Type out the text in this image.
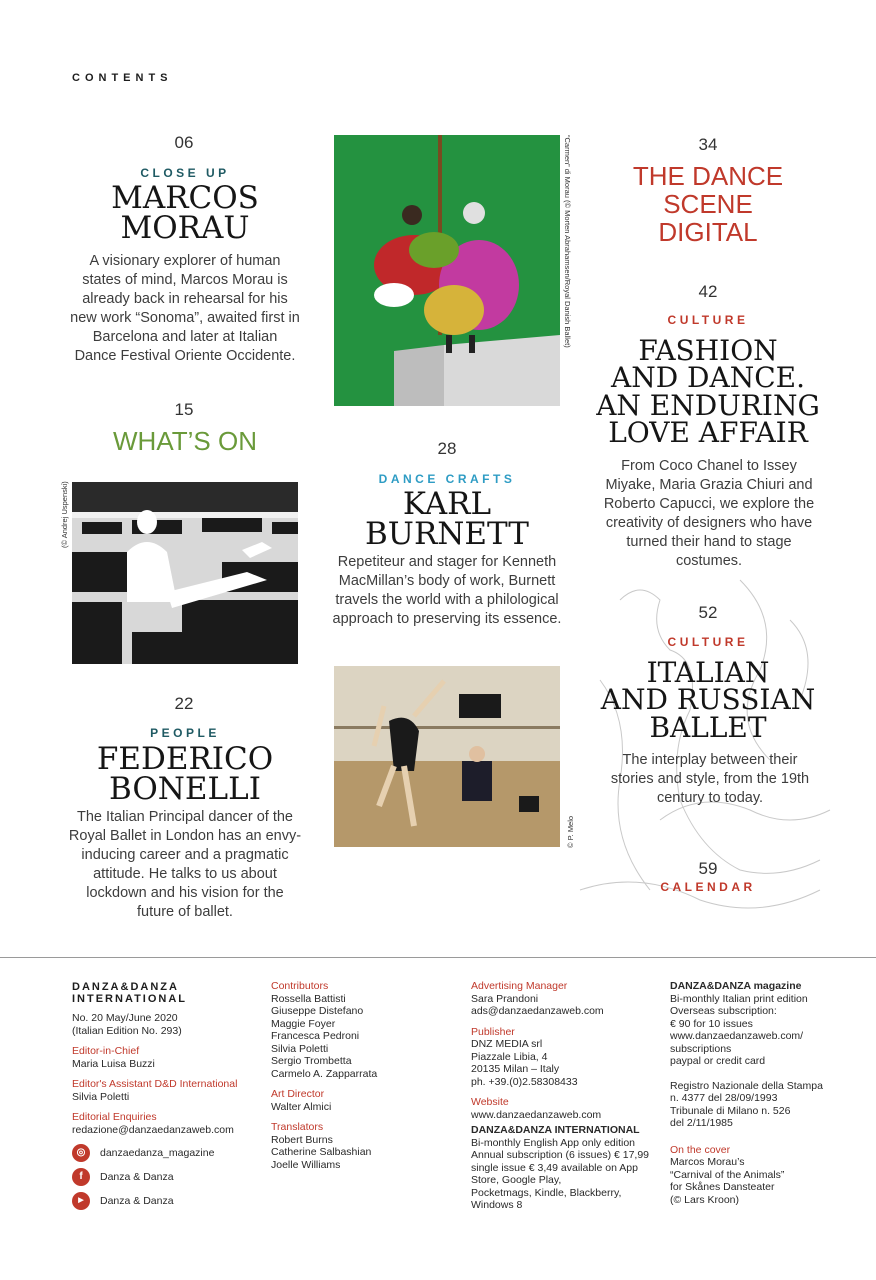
CONTENTS
06
CLOSE UP
MARCOS
MORAU
A visionary explorer of human states of mind, Marcos Morau is already back in rehearsal for his new work “Sonoma”, awaited first in Barcelona and later at Italian Dance Festival Oriente Occidente.
15
WHAT’S ON
(© Andrej Uspenski)
22
PEOPLE
FEDERICO
BONELLI
The Italian Principal dancer of the Royal Ballet in London has an envy-inducing career and a pragmatic attitude. He talks to us about lockdown and his vision for the future of ballet.
“Carmen” di Morau (© Morten Abrahamsen/Royal Danish Ballet)
28
DANCE CRAFTS
KARL
BURNETT
Repetiteur and stager for Kenneth MacMillan’s body of work, Burnett travels the world with a philological approach to preserving its essence.
© P. Melo
34
THE DANCE
SCENE
DIGITAL
42
CULTURE
FASHION
AND DANCE.
AN ENDURING
LOVE AFFAIR
From Coco Chanel to Issey Miyake, Maria Grazia Chiuri and Roberto Capucci, we explore the creativity of designers who have turned their hand to stage costumes.
52
CULTURE
ITALIAN
AND RUSSIAN
BALLET
The interplay between their stories and style, from the 19th century to today.
59
CALENDAR
DANZA&DANZA
INTERNATIONAL
No. 20 May/June 2020
(Italian Edition No. 293)
Editor-in-Chief
Maria Luisa Buzzi
Editor's Assistant D&D International
Silvia Poletti
Editorial Enquiries
redazione@danzaedanzaweb.com
◎	danzaedanza_magazine
f	Danza & Danza
▶	Danza & Danza
Contributors
Rossella Battisti
Giuseppe Distefano
Maggie Foyer
Francesca Pedroni
Silvia Poletti
Sergio Trombetta
Carmelo A. Zapparrata
Art Director
Walter Almici
Translators
Robert Burns
Catherine Salbashian
Joelle Williams
Advertising Manager
Sara Prandoni
ads@danzaedanzaweb.com
Publisher
DNZ MEDIA srl
Piazzale Libia, 4
20135 Milan – Italy
ph. +39.(0)2.58308433
Website
www.danzaedanzaweb.com
DANZA&DANZA INTERNATIONAL
Bi-monthly English App only edition
Annual subscription (6 issues) € 17,99
single issue € 3,49 available on App
Store, Google Play,
Pocketmags, Kindle, Blackberry,
Windows 8
DANZA&DANZA magazine
Bi-monthly Italian print edition
Overseas subscription:
€ 90 for 10 issues
www.danzaedanzaweb.com/
subscriptions
paypal or credit card
Registro Nazionale della Stampa
n. 4377 del 28/09/1993
Tribunale di Milano n. 526
del 2/11/1985
On the cover
Marcos Morau’s
“Carnival of the Animals”
for Skånes Dansteater
(© Lars Kroon)
